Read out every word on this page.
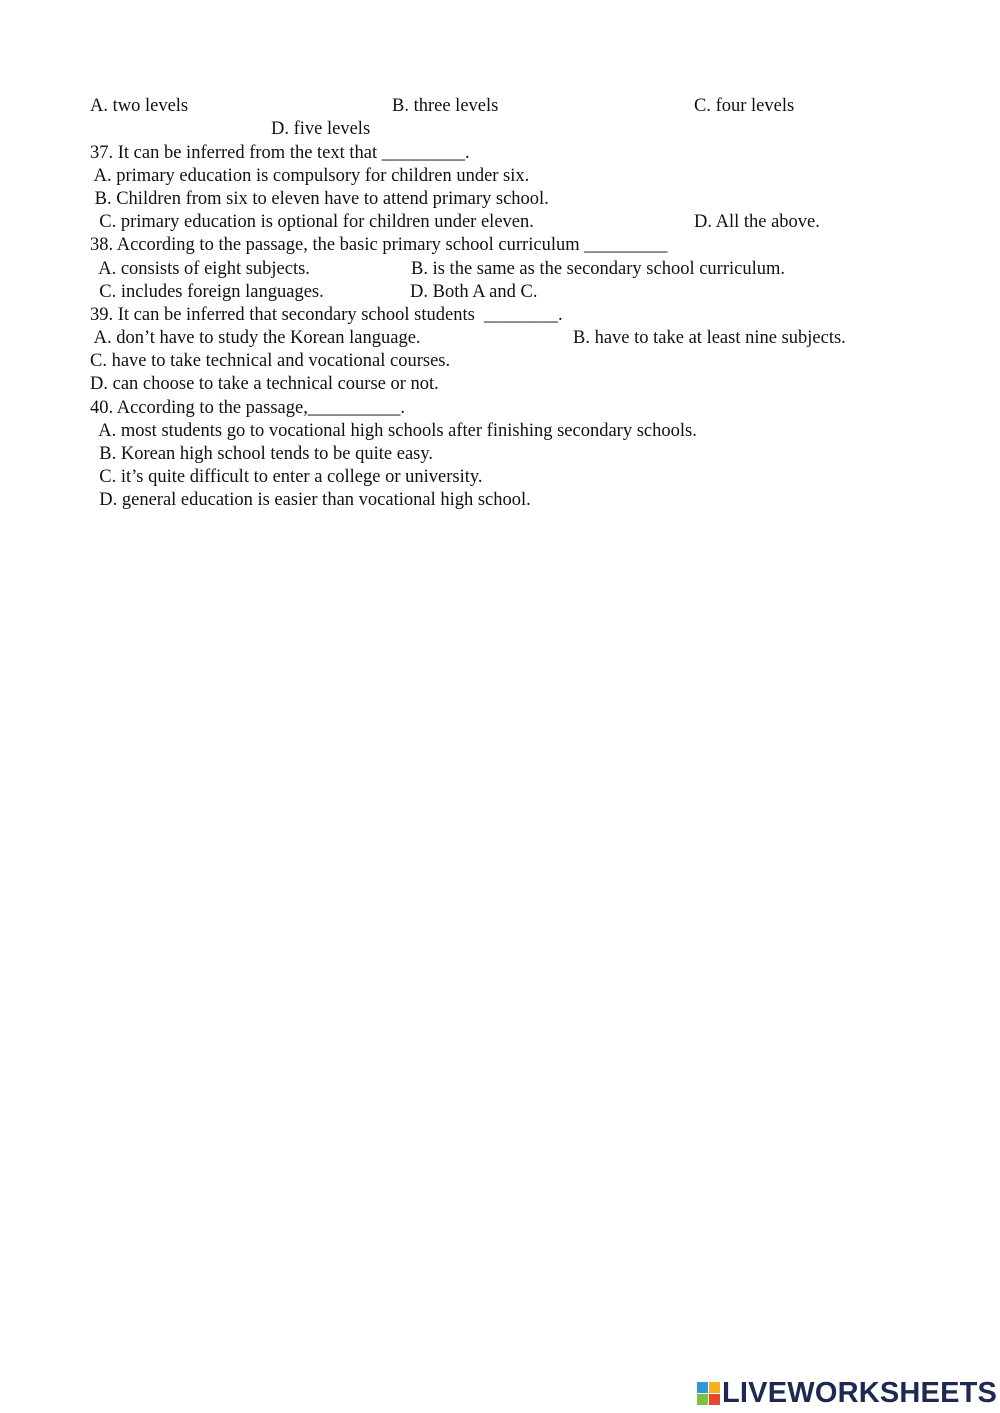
A. two levels	B. three levels	C. four levels

D. five levels

37. It can be inferred from the text that _________.

A. primary education is compulsory for children under six.

B. Children from six to eleven have to attend primary school.

C. primary education is optional for children under eleven.	D. All the above.

38. According to the passage, the basic primary school curriculum _________

A. consists of eight subjects.	B. is the same as the secondary school curriculum.

C. includes foreign languages.	D. Both A and C.

39. It can be inferred that secondary school students  ________.

A. don’t have to study the Korean language.	B. have to take at least nine subjects.

C. have to take technical and vocational courses.

D. can choose to take a technical course or not.

40. According to the passage,__________.

A. most students go to vocational high schools after finishing secondary schools.

B. Korean high school tends to be quite easy.

C. it’s quite difficult to enter a college or university.

D. general education is easier than vocational high school.

LIVEWORKSHEETS
